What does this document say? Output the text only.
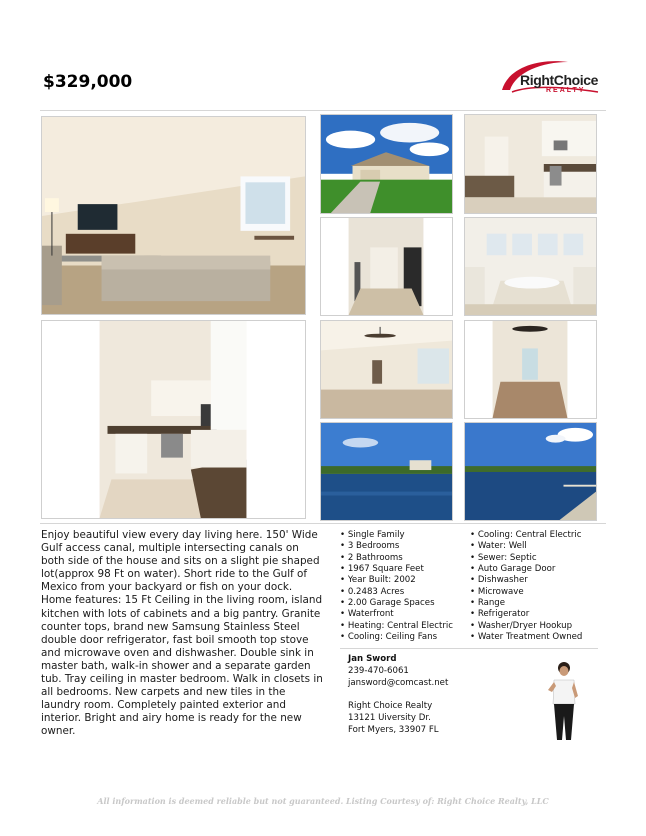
$329,000	RightChoice
REALTY
Enjoy beautiful view every day living here. 150' Wide Gulf access canal, multiple intersecting canals on both side of the house and sits on a slight pie shaped lot(approx 98 Ft on water). Short ride to the Gulf of Mexico from your backyard or fish on your dock. Home features: 15 Ft Ceiling in the living room, island kitchen with lots of cabinets and a big pantry. Granite counter tops, brand new Samsung Stainless Steel double door refrigerator, fast boil smooth top stove and microwave oven and dishwasher. Double sink in master bath, walk-in shower and a separate garden tub. Tray ceiling in master bedroom. Walk in closets in all bedrooms. New carpets and new tiles in the laundry room. Completely painted exterior and interior. Bright and airy home is ready for the new owner.
• Single Family
• 3 Bedrooms
• 2 Bathrooms
• 1967 Square Feet
• Year Built: 2002
• 0.2483 Acres
• 2.00 Garage Spaces
• Waterfront
• Heating: Central Electric
• Cooling: Ceiling Fans
• Cooling: Central Electric
• Water: Well
• Sewer: Septic
• Auto Garage Door
• Dishwasher
• Microwave
• Range
• Refrigerator
• Washer/Dryer Hookup
• Water Treatment Owned
Jan Sword
239-470-6061
jansword@comcast.net
Right Choice Realty
13121 Uiversity Dr.
Fort Myers, 33907 FL
All information is deemed reliable but not guaranteed. Listing Courtesy of: Right Choice Realty, LLC
